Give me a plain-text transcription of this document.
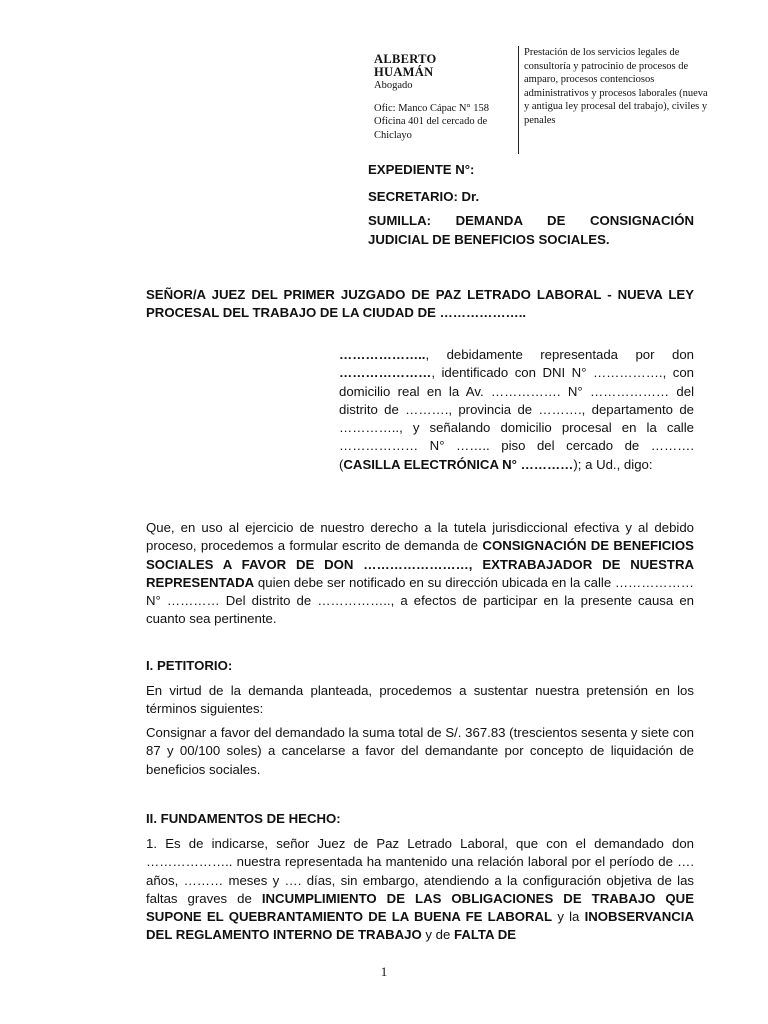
ALBERTO
HUAMÁN
Abogado
Ofic: Manco Cápac N° 158
Oficina 401 del cercado de
Chiclayo
Prestación de los servicios legales de consultoría y patrocinio de procesos de amparo, procesos contenciosos administrativos y procesos laborales (nueva y antigua ley procesal del trabajo), civiles y penales
EXPEDIENTE N°:
SECRETARIO: Dr.
SUMILLA: DEMANDA DE CONSIGNACIÓN
JUDICIAL DE BENEFICIOS SOCIALES.
SEÑOR/A JUEZ DEL PRIMER JUZGADO DE PAZ LETRADO LABORAL - NUEVA LEY PROCESAL DEL TRABAJO DE LA CIUDAD DE ………………..
……………….., debidamente representada por don …………………, identificado con DNI N° ……………., con domicilio real en la Av. ……………. N° ……………… del distrito de ………., provincia de ………., departamento de ………….., y señalando domicilio procesal en la calle ……………… N° …….. piso del cercado de ………. (CASILLA ELECTRÓNICA N° …………); a Ud., digo:
Que, en uso al ejercicio de nuestro derecho a la tutela jurisdiccional efectiva y al debido proceso, procedemos a formular escrito de demanda de CONSIGNACIÓN DE BENEFICIOS SOCIALES A FAVOR DE DON ……………………, EXTRABAJADOR DE NUESTRA REPRESENTADA quien debe ser notificado en su dirección ubicada en la calle ……………… N° ………… Del distrito de …………….., a efectos de participar en la presente causa en cuanto sea pertinente.
I. PETITORIO:
En virtud de la demanda planteada, procedemos a sustentar nuestra pretensión en los términos siguientes:
Consignar a favor del demandado la suma total de S/. 367.83 (trescientos sesenta y siete con 87 y 00/100 soles) a cancelarse a favor del demandante por concepto de liquidación de beneficios sociales.
II. FUNDAMENTOS DE HECHO:
1. Es de indicarse, señor Juez de Paz Letrado Laboral, que con el demandado don ……………….. nuestra representada ha mantenido una relación laboral por el período de …. años, ……… meses y …. días, sin embargo, atendiendo a la configuración objetiva de las faltas graves de INCUMPLIMIENTO DE LAS OBLIGACIONES DE TRABAJO QUE SUPONE EL QUEBRANTAMIENTO DE LA BUENA FE LABORAL y la INOBSERVANCIA DEL REGLAMENTO INTERNO DE TRABAJO y de FALTA DE
1
